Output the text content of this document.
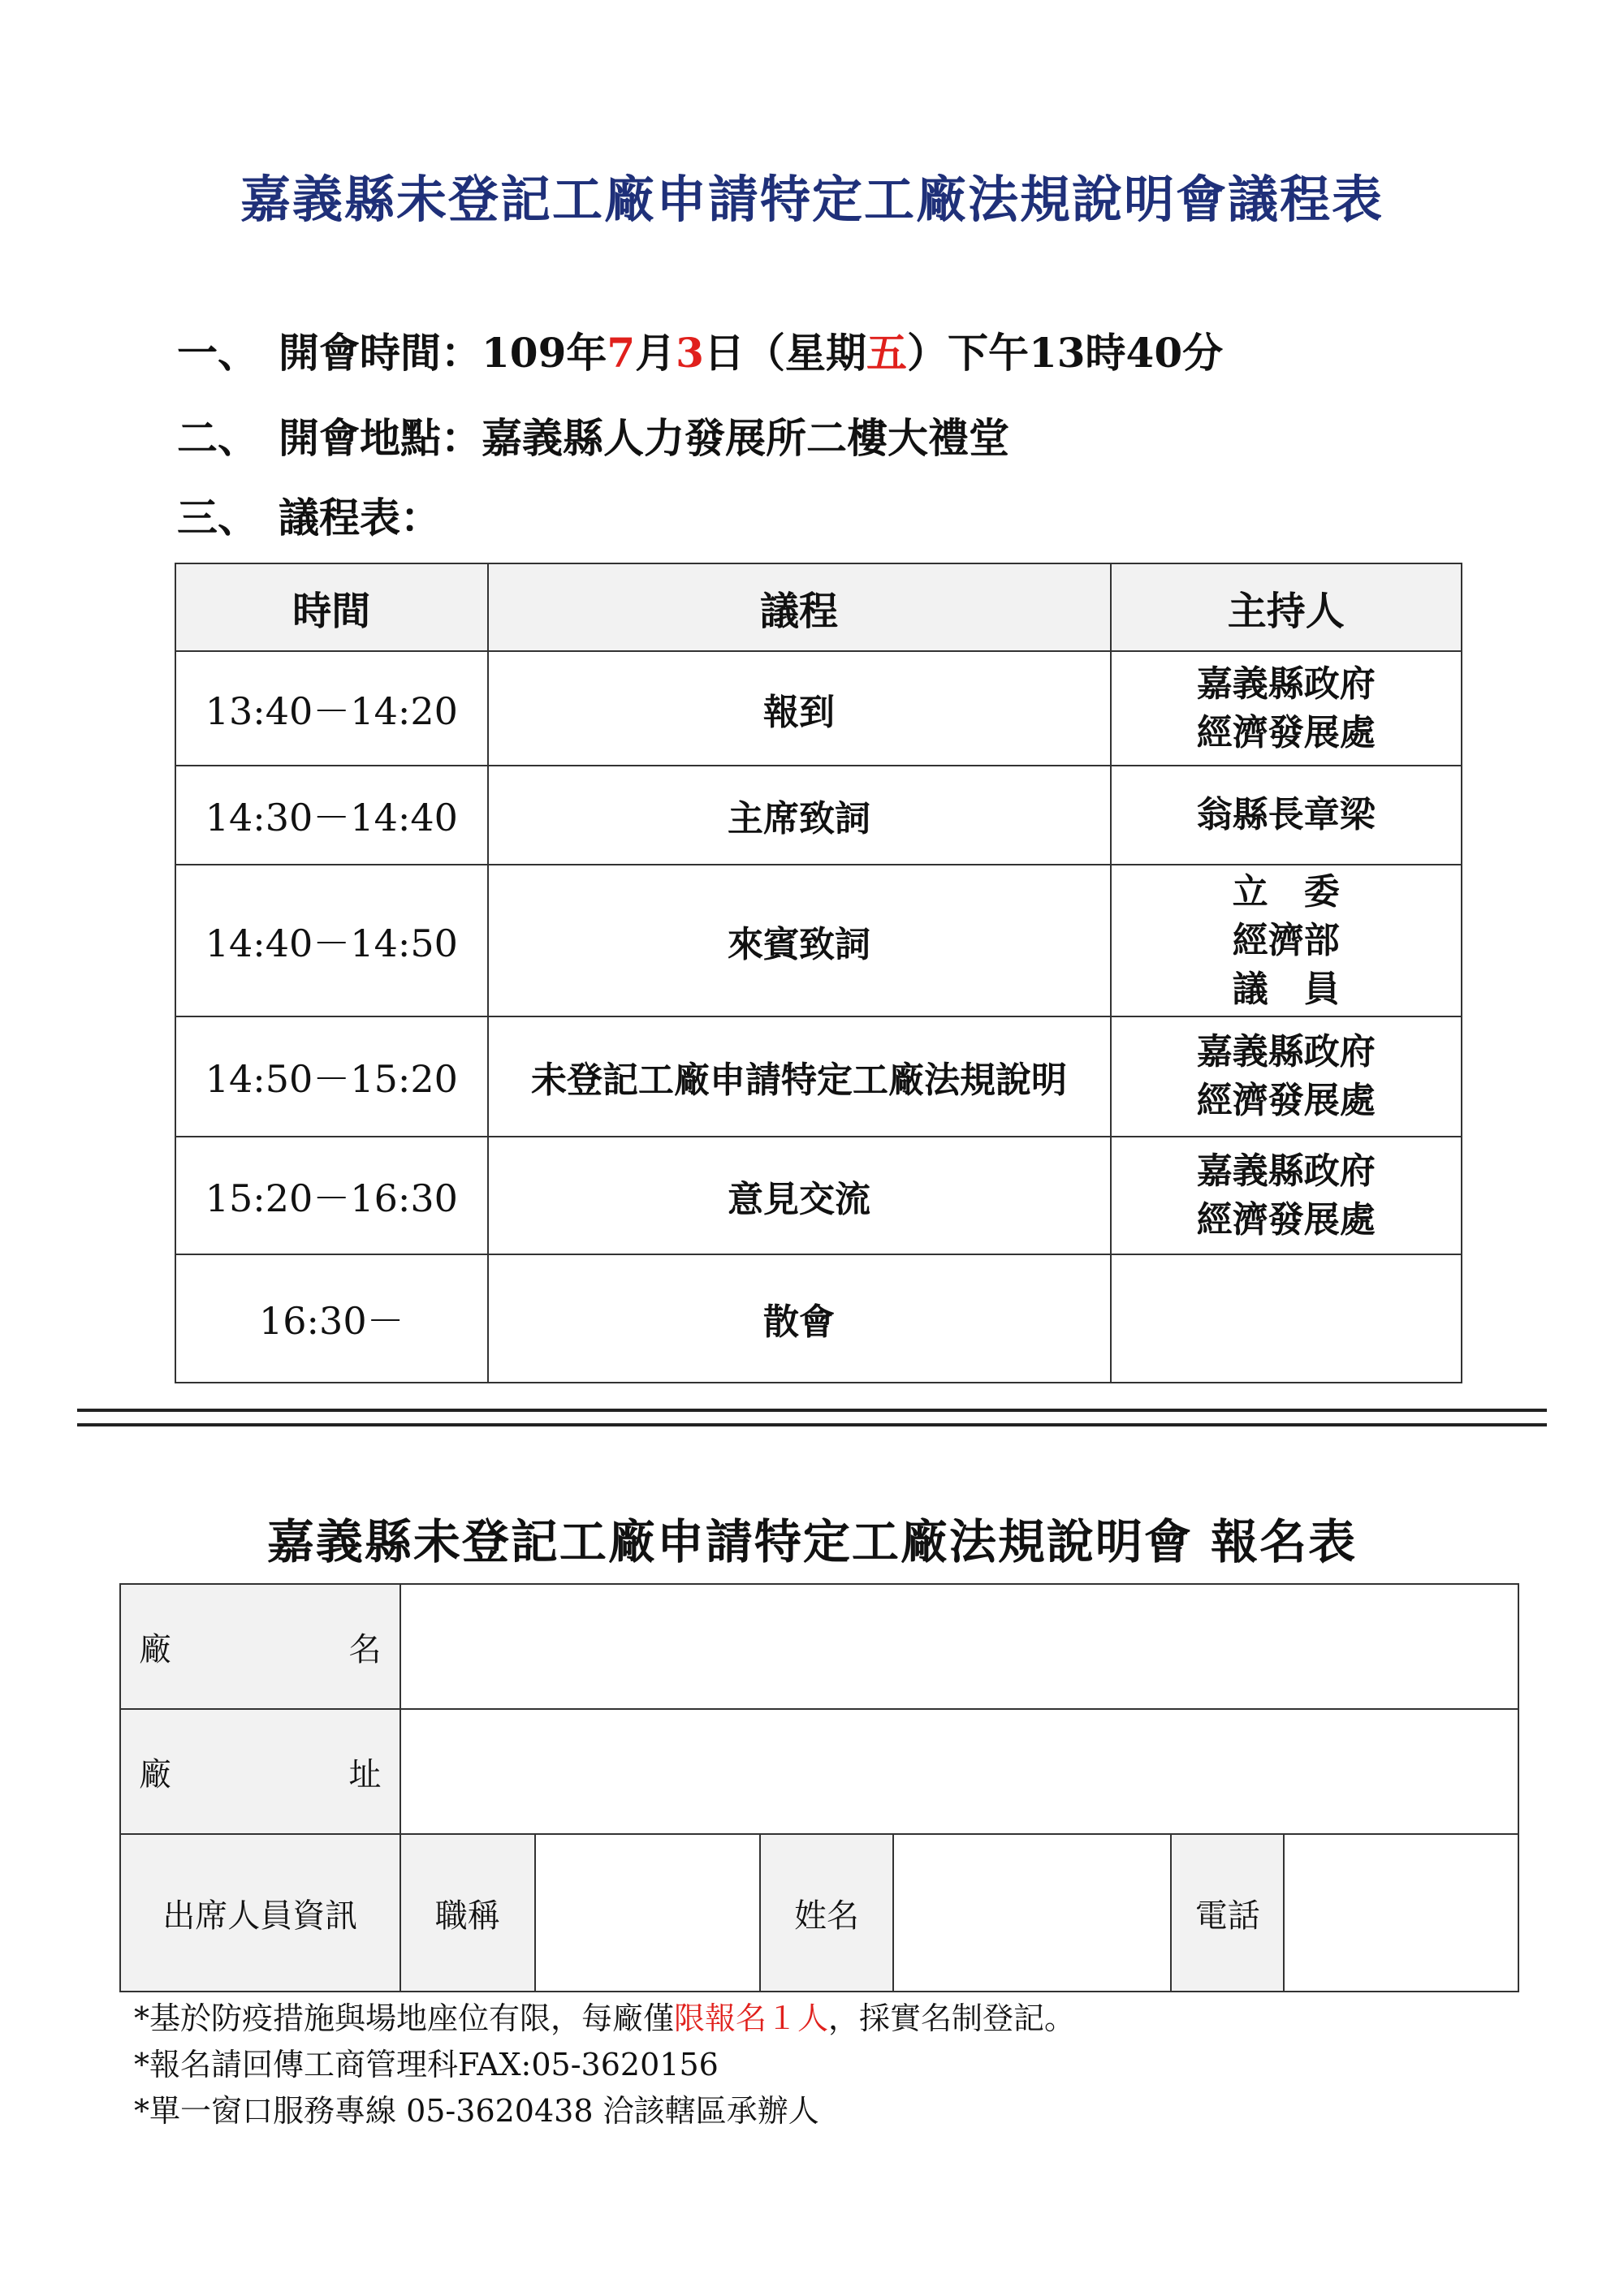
嘉義縣未登記工廠申請特定工廠法規說明會議程表
一、 開會時間：109年7月3日（星期五）下午13時40分
二、 開會地點：嘉義縣人力發展所二樓大禮堂
三、 議程表：
時間	議程	主持人
13:40－14:20	報到	嘉義縣政府
經濟發展處

14:30－14:40	主席致詞	翁縣長章梁

14:40－14:50	來賓致詞	立　委
經濟部
議　員

14:50－15:20	未登記工廠申請特定工廠法規說明	嘉義縣政府
經濟發展處

15:20－16:30	意見交流	嘉義縣政府
經濟發展處

16:30－	散會	
嘉義縣未登記工廠申請特定工廠法規說明會 報名表
廠 名						

廠 址						

出席人員資訊	職稱		姓名		電話	
*基於防疫措施與場地座位有限，每廠僅限報名１人，採實名制登記。
*報名請回傳工商管理科FAX:05-3620156
*單一窗口服務專線 05-3620438 洽該轄區承辦人
